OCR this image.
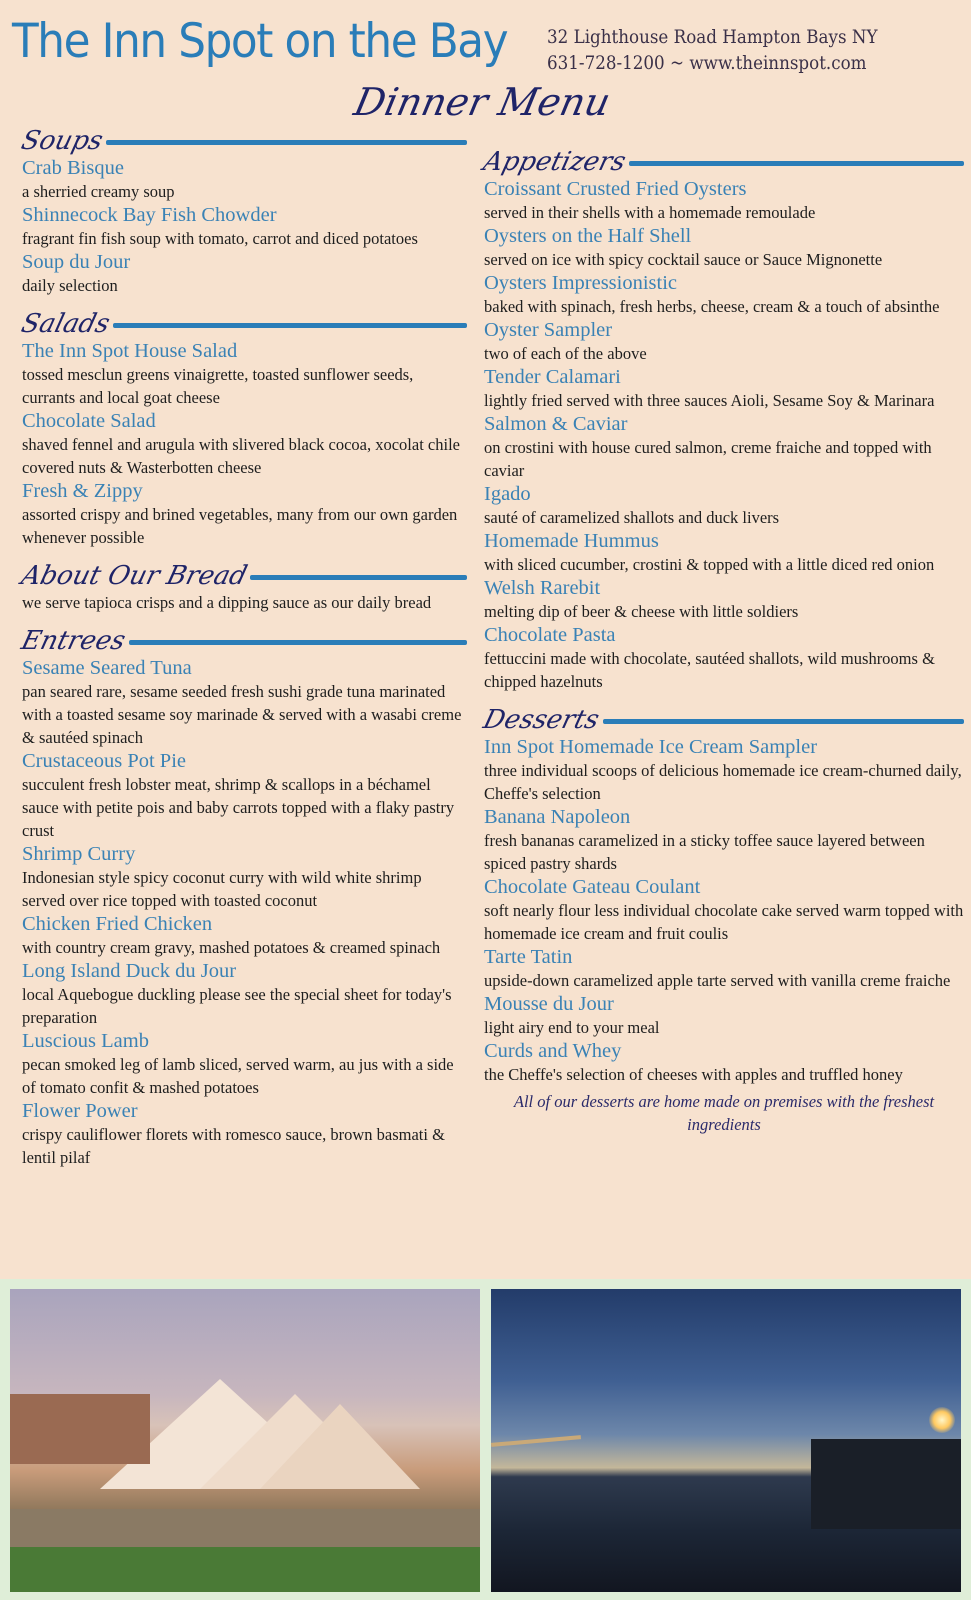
The Inn Spot on the Bay 32 Lighthouse Road Hampton Bays NY
631-728-1200 ~ www.theinnspot.com
Dinner Menu
Soups
Crab Bisque
a sherried creamy soup
Shinnecock Bay Fish Chowder
fragrant fin fish soup with tomato, carrot and diced potatoes
Soup du Jour
daily selection
Salads
The Inn Spot House Salad
tossed mesclun greens vinaigrette, toasted sunflower seeds, currants and local goat cheese
Chocolate Salad
shaved fennel and arugula with slivered black cocoa, xocolat chile covered nuts & Wasterbotten cheese
Fresh & Zippy
assorted crispy and brined vegetables, many from our own garden whenever possible
About Our Bread
we serve tapioca crisps and a dipping sauce as our daily bread
Entrees
Sesame Seared Tuna
pan seared rare, sesame seeded fresh sushi grade tuna marinated with a toasted sesame soy marinade & served with a wasabi creme & sautéed spinach
Crustaceous Pot Pie
succulent fresh lobster meat, shrimp & scallops in a béchamel sauce with petite pois and baby carrots topped with a flaky pastry crust
Shrimp Curry
Indonesian style spicy coconut curry with wild white shrimp served over rice topped with toasted coconut
Chicken Fried Chicken
with country cream gravy, mashed potatoes & creamed spinach
Long Island Duck du Jour
local Aquebogue duckling please see the special sheet for today's preparation
Luscious Lamb
pecan smoked leg of lamb sliced, served warm, au jus with a side of tomato confit & mashed potatoes
Flower Power
crispy cauliflower florets with romesco sauce, brown basmati & lentil pilaf
Appetizers
Croissant Crusted Fried Oysters
served in their shells with a homemade remoulade
Oysters on the Half Shell
served on ice with spicy cocktail sauce or Sauce Mignonette
Oysters Impressionistic
baked with spinach, fresh herbs, cheese, cream & a touch of absinthe
Oyster Sampler
two of each of the above
Tender Calamari
lightly fried served with three sauces Aioli, Sesame Soy & Marinara
Salmon & Caviar
on crostini with house cured salmon, creme fraiche and topped with caviar
Igado
sauté of caramelized shallots and duck livers
Homemade Hummus
with sliced cucumber, crostini & topped with a little diced red onion
Welsh Rarebit
melting dip of beer & cheese with little soldiers
Chocolate Pasta
fettuccini made with chocolate, sautéed shallots, wild mushrooms & chipped hazelnuts
Desserts
Inn Spot Homemade Ice Cream Sampler
three individual scoops of delicious homemade ice cream-churned daily, Cheffe's selection
Banana Napoleon
fresh bananas caramelized in a sticky toffee sauce layered between spiced pastry shards
Chocolate Gateau Coulant
soft nearly flour less individual chocolate cake served warm topped with homemade ice cream and fruit coulis
Tarte Tatin
upside-down caramelized apple tarte served with vanilla creme fraiche
Mousse du Jour
light airy end to your meal
Curds and Whey
the Cheffe's selection of cheeses with apples and truffled honey
All of our desserts are home made on premises with the freshest ingredients
